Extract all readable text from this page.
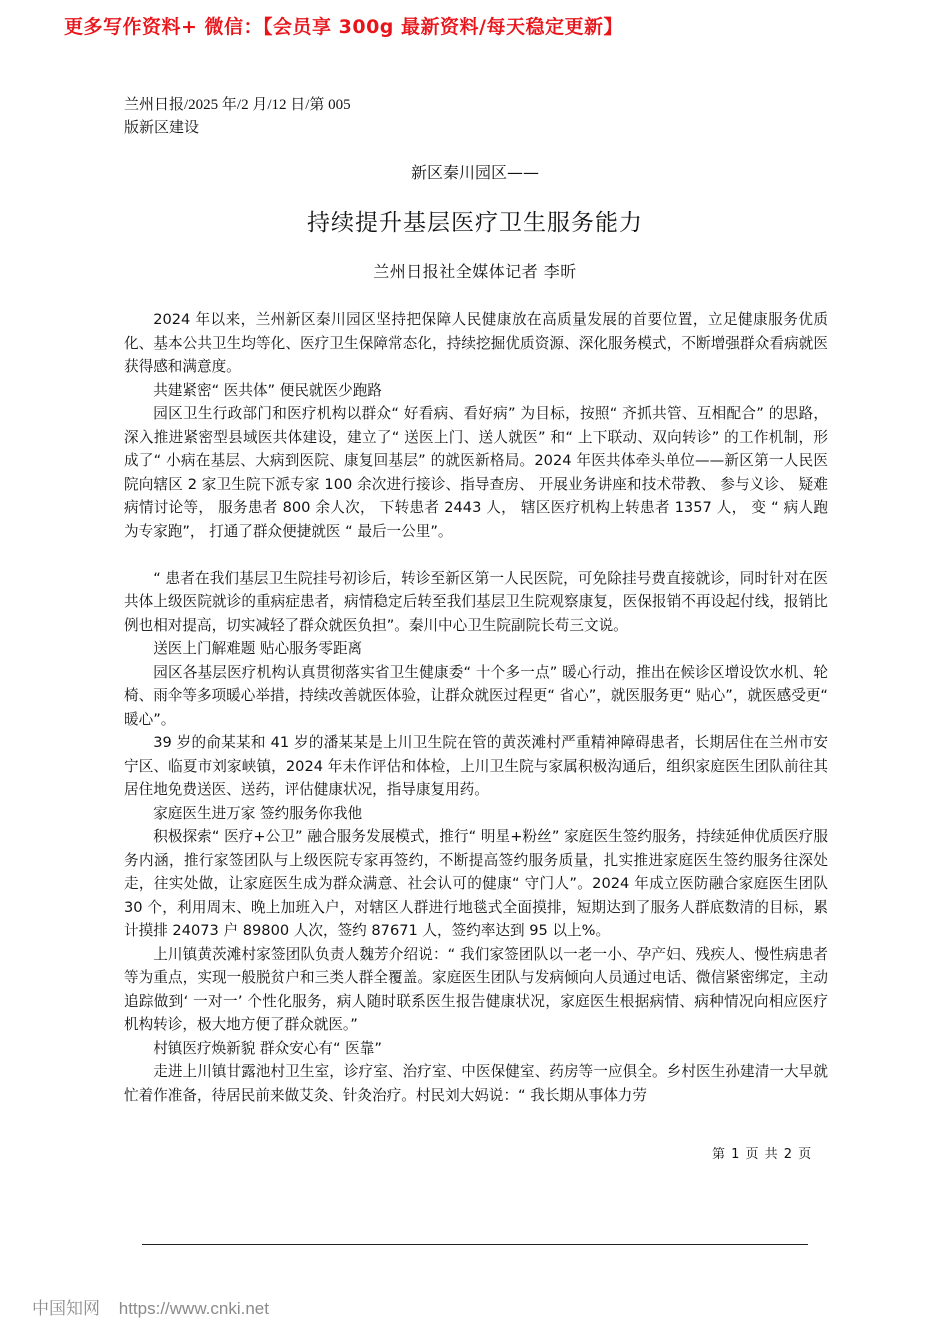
更多写作资料+ 微信：【会员享 300g 最新资料/每天稳定更新】
兰州日报/2025 年/2 月/12 日/第 005
版新区建设
新区秦川园区——
持续提升基层医疗卫生服务能力
兰州日报社全媒体记者 李昕

2024 年以来，兰州新区秦川园区坚持把保障人民健康放在高质量发展的首要位置，立足健康服务优质化、基本公共卫生均等化、医疗卫生保障常态化，持续挖掘优质资源、深化服务模式，不断增强群众看病就医获得感和满意度。

共建紧密“ 医共体” 便民就医少跑路

园区卫生行政部门和医疗机构以群众“ 好看病、看好病” 为目标，按照“ 齐抓共管、互相配合” 的思路，深入推进紧密型县域医共体建设，建立了“ 送医上门、送人就医” 和“ 上下联动、双向转诊” 的工作机制，形成了“ 小病在基层、大病到医院、康复回基层” 的就医新格局。2024 年医共体牵头单位——新区第一人民医院向辖区 2 家卫生院下派专家 100 余次进行接诊、指导查房、 开展业务讲座和技术带教、 参与义诊、 疑难病情讨论等， 服务患者 800 余人次， 下转患者 2443 人， 辖区医疗机构上转患者 1357 人， 变 “ 病人跑为专家跑”， 打通了群众便捷就医 “ 最后一公里”。

“ 患者在我们基层卫生院挂号初诊后，转诊至新区第一人民医院，可免除挂号费直接就诊，同时针对在医共体上级医院就诊的重病症患者，病情稳定后转至我们基层卫生院观察康复，医保报销不再设起付线，报销比例也相对提高，切实减轻了群众就医负担”。秦川中心卫生院副院长苟三文说。

送医上门解难题 贴心服务零距离

园区各基层医疗机构认真贯彻落实省卫生健康委“ 十个多一点” 暖心行动，推出在候诊区增设饮水机、轮椅、雨伞等多项暖心举措，持续改善就医体验，让群众就医过程更“ 省心”，就医服务更“ 贴心”，就医感受更“ 暖心”。

39 岁的俞某某和 41 岁的潘某某是上川卫生院在管的黄茨滩村严重精神障碍患者，长期居住在兰州市安宁区、临夏市刘家峡镇，2024 年未作评估和体检，上川卫生院与家属积极沟通后，组织家庭医生团队前往其居住地免费送医、送药，评估健康状况，指导康复用药。

家庭医生进万家 签约服务你我他

积极探索“ 医疗+公卫” 融合服务发展模式，推行“ 明星+粉丝” 家庭医生签约服务，持续延伸优质医疗服务内涵，推行家签团队与上级医院专家再签约，不断提高签约服务质量，扎实推进家庭医生签约服务往深处走，往实处做，让家庭医生成为群众满意、社会认可的健康“ 守门人”。2024 年成立医防融合家庭医生团队 30 个，利用周末、晚上加班入户，对辖区人群进行地毯式全面摸排，短期达到了服务人群底数清的目标，累计摸排 24073 户 89800 人次，签约 87671 人，签约率达到 95 以上%。

上川镇黄茨滩村家签团队负责人魏芳介绍说：“ 我们家签团队以一老一小、孕产妇、残疾人、慢性病患者等为重点，实现一般脱贫户和三类人群全覆盖。家庭医生团队与发病倾向人员通过电话、微信紧密绑定，主动追踪做到‘ 一对一’ 个性化服务，病人随时联系医生报告健康状况，家庭医生根据病情、病种情况向相应医疗机构转诊，极大地方便了群众就医。”

村镇医疗焕新貌 群众安心有“ 医靠”

走进上川镇甘露池村卫生室，诊疗室、治疗室、中医保健室、药房等一应俱全。乡村医生孙建清一大早就忙着作准备，待居民前来做艾灸、针灸治疗。村民刘大妈说：“ 我长期从事体力劳

第 1 页 共 2 页
中国知网 https://www.cnki.net
